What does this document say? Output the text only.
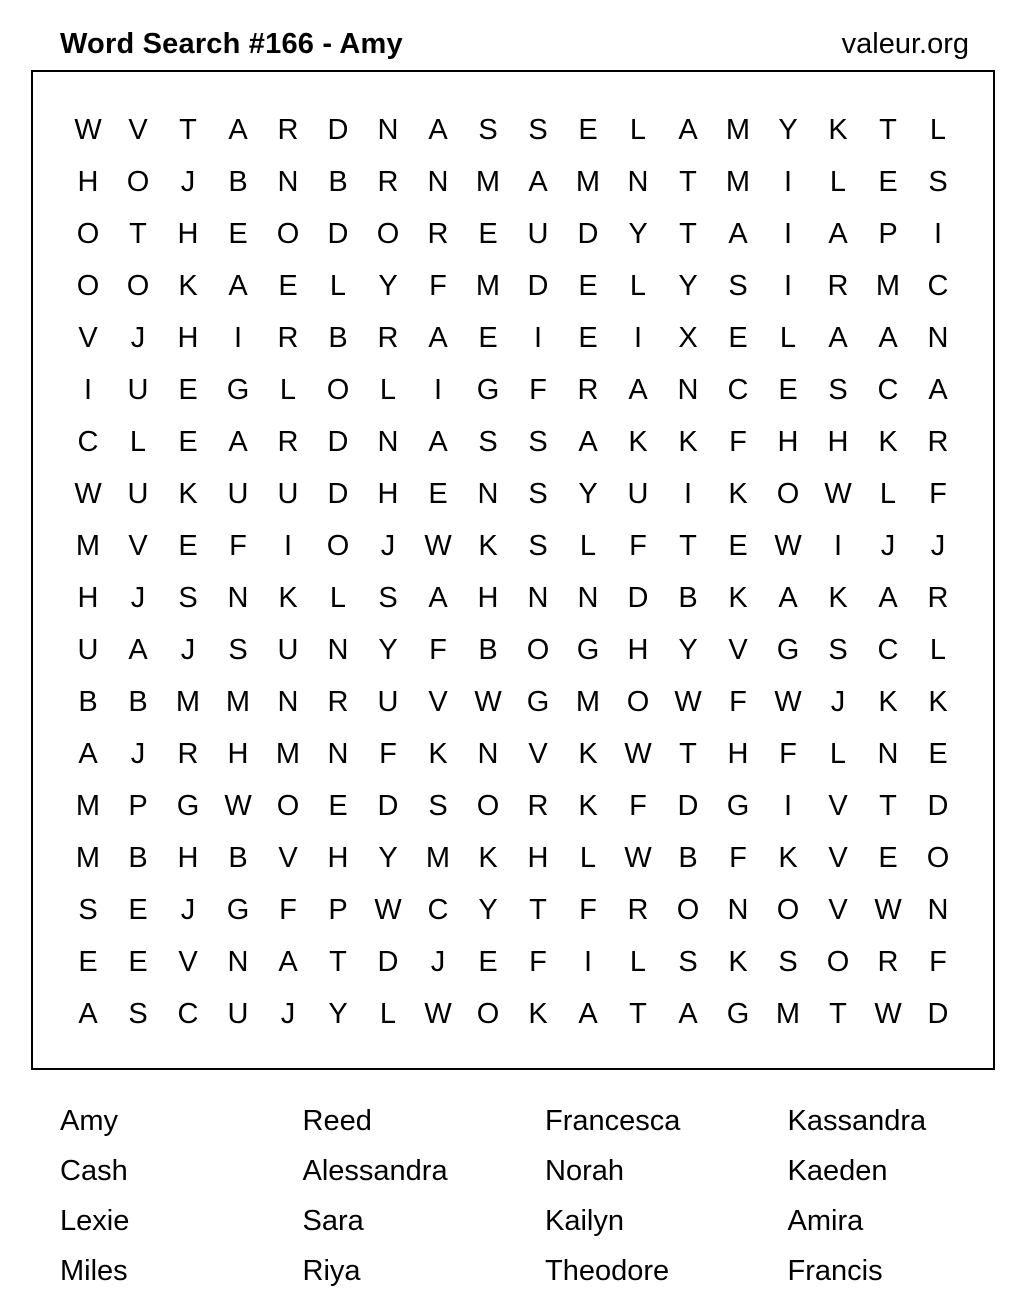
Word Search #166 - Amy	valeur.org
W V	T	A	R	D	N	A	S	S	E	L	A M Y	K	T	L
H O	J	B	N	B	R	N M A M N	T	M	I	L	E	S
O	T	H	E	O D O R	E	U	D	Y	T	A	I	A	P	I
O O	K	A	E	L	Y	F	M D	E	L	Y	S	I	R M C
V	J	H	I	R	B	R	A	E	I	E	I	X	E	L	A	A	N
I	U	E	G	L	O	L	I	G	F	R	A	N	C	E	S	C	A
C	L	E	A	R	D	N	A	S	S	A	K	K	F	H	H	K	R
W U	K	U	U	D	H	E	N	S	Y	U	I	K	O W L	F
M V	E	F	I	O	J	W K	S	L	F	T	E W	I	J	J
H	J	S	N	K	L	S	A	H	N	N	D	B	K	A	K	A	R
U	A	J	S	U	N	Y	F	B	O G H	Y	V	G	S	C	L
B	B M M N	R	U	V W G M O W F W	J	K	K
A	J	R	H M N	F	K	N	V	K W T	H	F	L	N	E
M P	G W O	E	D	S	O R	K	F	D G	I	V	T	D
M B	H	B	V	H	Y M K	H	L W B	F	K	V	E	O
S	E	J	G	F	P W C	Y	T	F	R O N O	V W N
E	E	V	N	A	T	D	J	E	F	I	L	S	K	S	O R	F
A	S	C	U	J	Y	L W O	K	A	T	A	G M	T W D
Amy	Reed	Francesca	Kassandra
Cash	Alessandra	Norah	Kaeden
Lexie	Sara	Kailyn	Amira
Miles	Riya	Theodore	Francis
